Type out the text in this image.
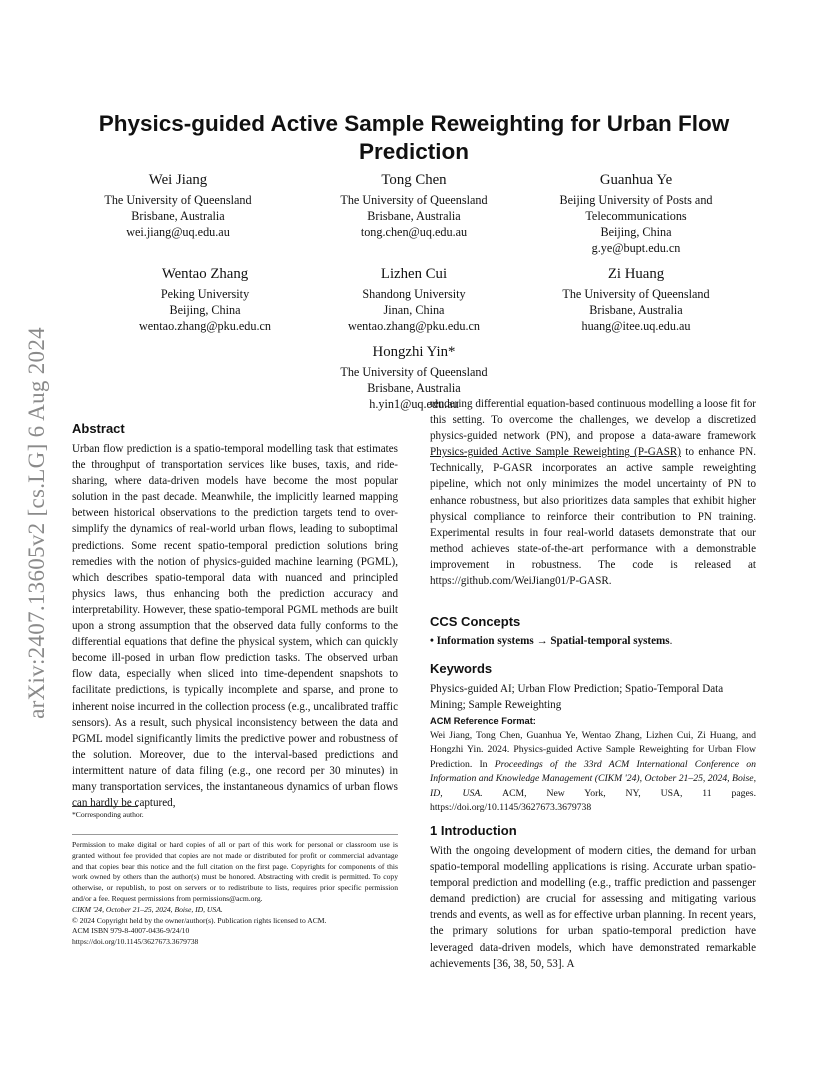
arXiv:2407.13605v2 [cs.LG] 6 Aug 2024
Physics-guided Active Sample Reweighting for Urban Flow Prediction
Wei Jiang
The University of Queensland
Brisbane, Australia
wei.jiang@uq.edu.au
Tong Chen
The University of Queensland
Brisbane, Australia
tong.chen@uq.edu.au
Guanhua Ye
Beijing University of Posts and
Telecommunications
Beijing, China
g.ye@bupt.edu.cn
Wentao Zhang
Peking University
Beijing, China
wentao.zhang@pku.edu.cn
Lizhen Cui
Shandong University
Jinan, China
wentao.zhang@pku.edu.cn
Zi Huang
The University of Queensland
Brisbane, Australia
huang@itee.uq.edu.au
Hongzhi Yin*
The University of Queensland
Brisbane, Australia
h.yin1@uq.edu.au
Abstract

Urban flow prediction is a spatio-temporal modelling task that estimates the throughput of transportation services like buses, taxis, and ride-sharing, where data-driven models have become the most popular solution in the past decade. Meanwhile, the implicitly learned mapping between historical observations to the prediction targets tend to over-simplify the dynamics of real-world urban flows, leading to suboptimal predictions. Some recent spatio-temporal prediction solutions bring remedies with the notion of physics-guided machine learning (PGML), which describes spatio-temporal data with nuanced and principled physics laws, thus enhancing both the prediction accuracy and interpretability. However, these spatio-temporal PGML methods are built upon a strong assumption that the observed data fully conforms to the differential equations that define the physical system, which can quickly become ill-posed in urban flow prediction tasks. The observed urban flow data, especially when sliced into time-dependent snapshots to facilitate predictions, is typically incomplete and sparse, and prone to inherent noise incurred in the collection process (e.g., uncalibrated traffic sensors). As a result, such physical inconsistency between the data and PGML model significantly limits the predictive power and robustness of the solution. Moreover, due to the interval-based predictions and intermittent nature of data filing (e.g., one record per 30 minutes) in many transportation services, the instantaneous dynamics of urban flows can hardly be captured,

*Corresponding author.
Permission to make digital or hard copies of all or part of this work for personal or classroom use is granted without fee provided that copies are not made or distributed for profit or commercial advantage and that copies bear this notice and the full citation on the first page. Copyrights for components of this work owned by others than the author(s) must be honored. Abstracting with credit is permitted. To copy otherwise, or republish, to post on servers or to redistribute to lists, requires prior specific permission and/or a fee. Request permissions from permissions@acm.org.
CIKM '24, October 21–25, 2024, Boise, ID, USA.
© 2024 Copyright held by the owner/author(s). Publication rights licensed to ACM.
ACM ISBN 979-8-4007-0436-9/24/10
https://doi.org/10.1145/3627673.3679738

rendering differential equation-based continuous modelling a loose fit for this setting. To overcome the challenges, we develop a discretized physics-guided network (PN), and propose a data-aware framework Physics-guided Active Sample Reweighting (P-GASR) to enhance PN. Technically, P-GASR incorporates an active sample reweighting pipeline, which not only minimizes the model uncertainty of PN to enhance robustness, but also prioritizes data samples that exhibit higher physical compliance to reinforce their contribution to PN training. Experimental results in four real-world datasets demonstrate that our method achieves state-of-the-art performance with a demonstrable improvement in robustness. The code is released at https://github.com/WeiJiang01/P-GASR.

CCS Concepts
• Information systems → Spatial-temporal systems.
Keywords
Physics-guided AI; Urban Flow Prediction; Spatio-Temporal Data Mining; Sample Reweighting
ACM Reference Format:
Wei Jiang, Tong Chen, Guanhua Ye, Wentao Zhang, Lizhen Cui, Zi Huang, and Hongzhi Yin. 2024. Physics-guided Active Sample Reweighting for Urban Flow Prediction. In Proceedings of the 33rd ACM International Conference on Information and Knowledge Management (CIKM '24), October 21–25, 2024, Boise, ID, USA. ACM, New York, NY, USA, 11 pages. https://doi.org/10.1145/3627673.3679738
1 Introduction

With the ongoing development of modern cities, the demand for urban spatio-temporal modelling applications is rising. Accurate urban spatio-temporal prediction and modelling (e.g., traffic prediction and passenger demand prediction) are crucial for assessing and mitigating various trends and events, as well as for effective urban planning. In recent years, the primary solutions for urban spatio-temporal prediction have leveraged data-driven models, which have demonstrated remarkable achievements [36, 38, 50, 53]. A
